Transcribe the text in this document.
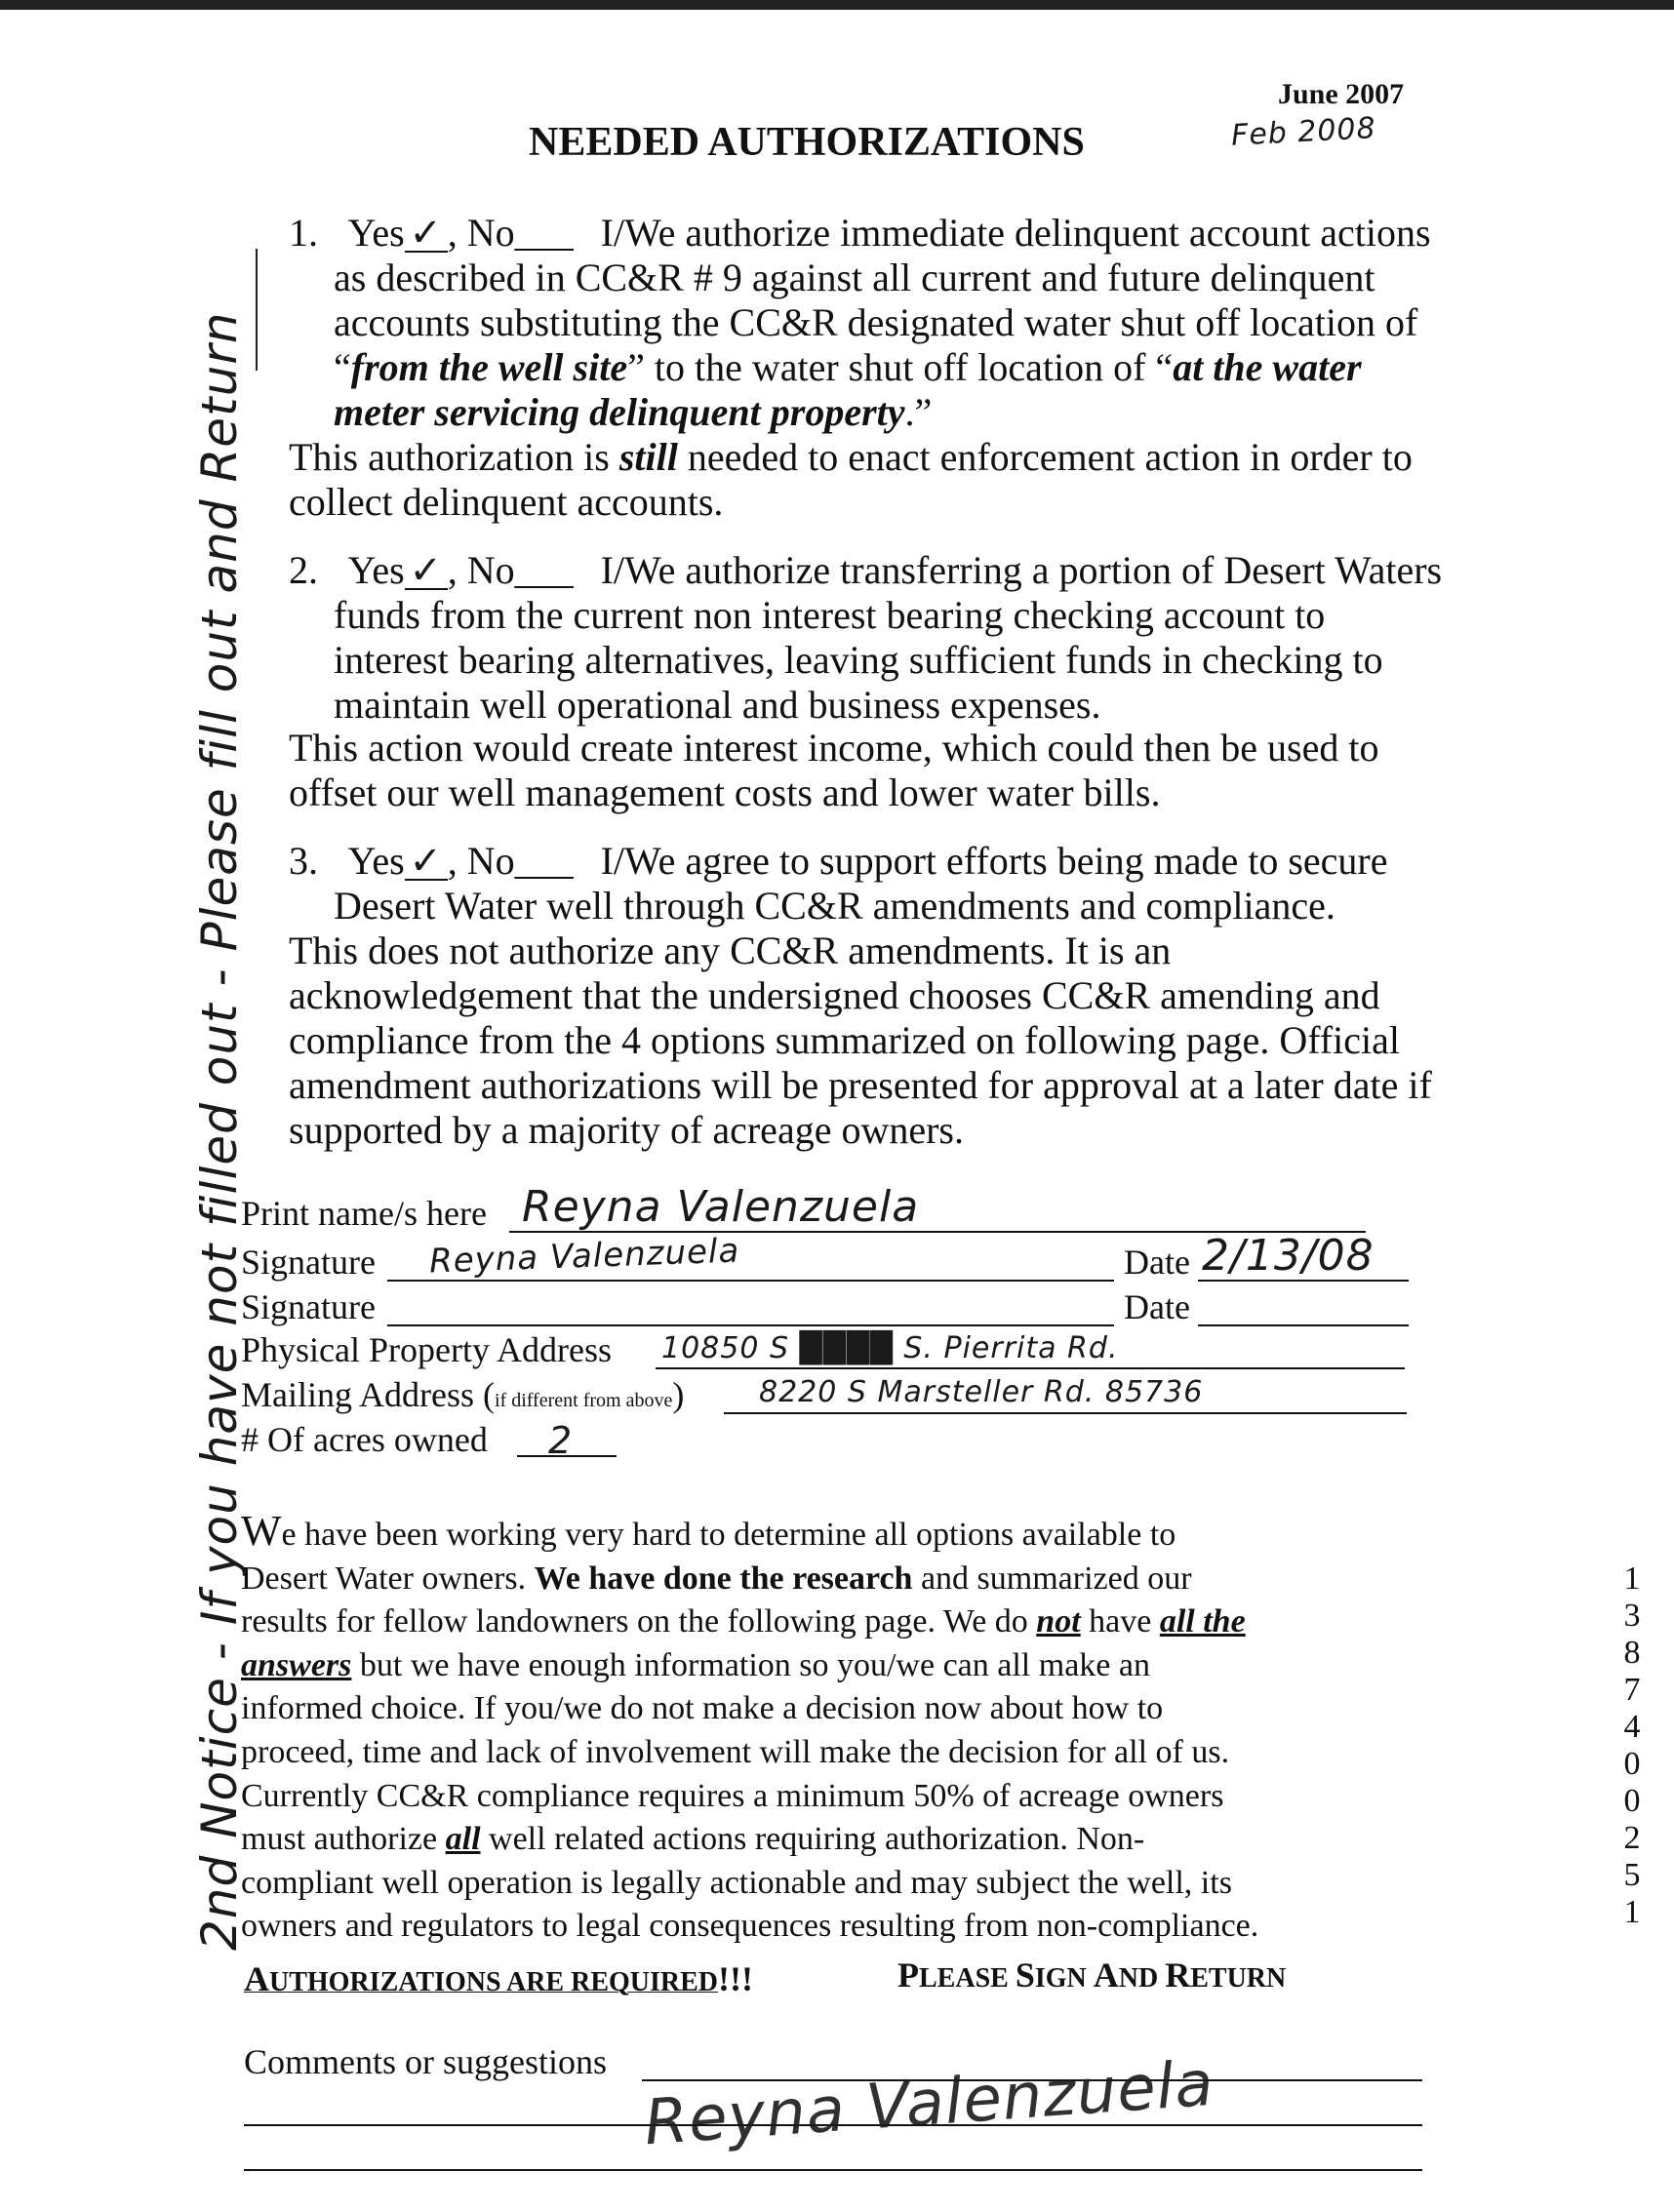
June 2007
Feb 2008
NEEDED AUTHORIZATIONS
2nd Notice - If you have not filled out - Please fill out and Return	1387400251
1. Yes ✓ , No___ I/We authorize immediate delinquent account actions
as described in CC&R # 9 against all current and future delinquent
accounts substituting the CC&R designated water shut off location of
“from the well site” to the water shut off location of “at the water
meter servicing delinquent property.”
This authorization is still needed to enact enforcement action in order to
collect delinquent accounts.
2. Yes ✓ , No___ I/We authorize transferring a portion of Desert Waters
funds from the current non interest bearing checking account to
interest bearing alternatives, leaving sufficient funds in checking to
maintain well operational and business expenses.
This action would create interest income, which could then be used to
offset our well management costs and lower water bills.
3. Yes ✓ , No___ I/We agree to support efforts being made to secure
Desert Water well through CC&R amendments and compliance.
This does not authorize any CC&R amendments. It is an
acknowledgement that the undersigned chooses CC&R amending and
compliance from the 4 options summarized on following page. Official
amendment authorizations will be presented for approval at a later date if
supported by a majority of acreage owners.
Print name/s here Reyna Valenzuela
Signature Reyna Valenzuela	Date 2/13/08
Signature	Date
Physical Property Address 10850 S ████ S. Pierrita Rd.
Mailing Address (if different from above)	8220 S Marsteller Rd. 85736
# Of acres owned 2
We have been working very hard to determine all options available to
Desert Water owners. We have done the research and summarized our
results for fellow landowners on the following page. We do not have all the
answers but we have enough information so you/we can all make an
informed choice. If you/we do not make a decision now about how to
proceed, time and lack of involvement will make the decision for all of us.
Currently CC&R compliance requires a minimum 50% of acreage owners
must authorize all well related actions requiring authorization. Non-
compliant well operation is legally actionable and may subject the well, its
owners and regulators to legal consequences resulting from non-compliance.
AUTHORIZATIONS ARE REQUIRED!!!	PLEASE SIGN AND RETURN
Comments or suggestions Reyna Valenzuela
